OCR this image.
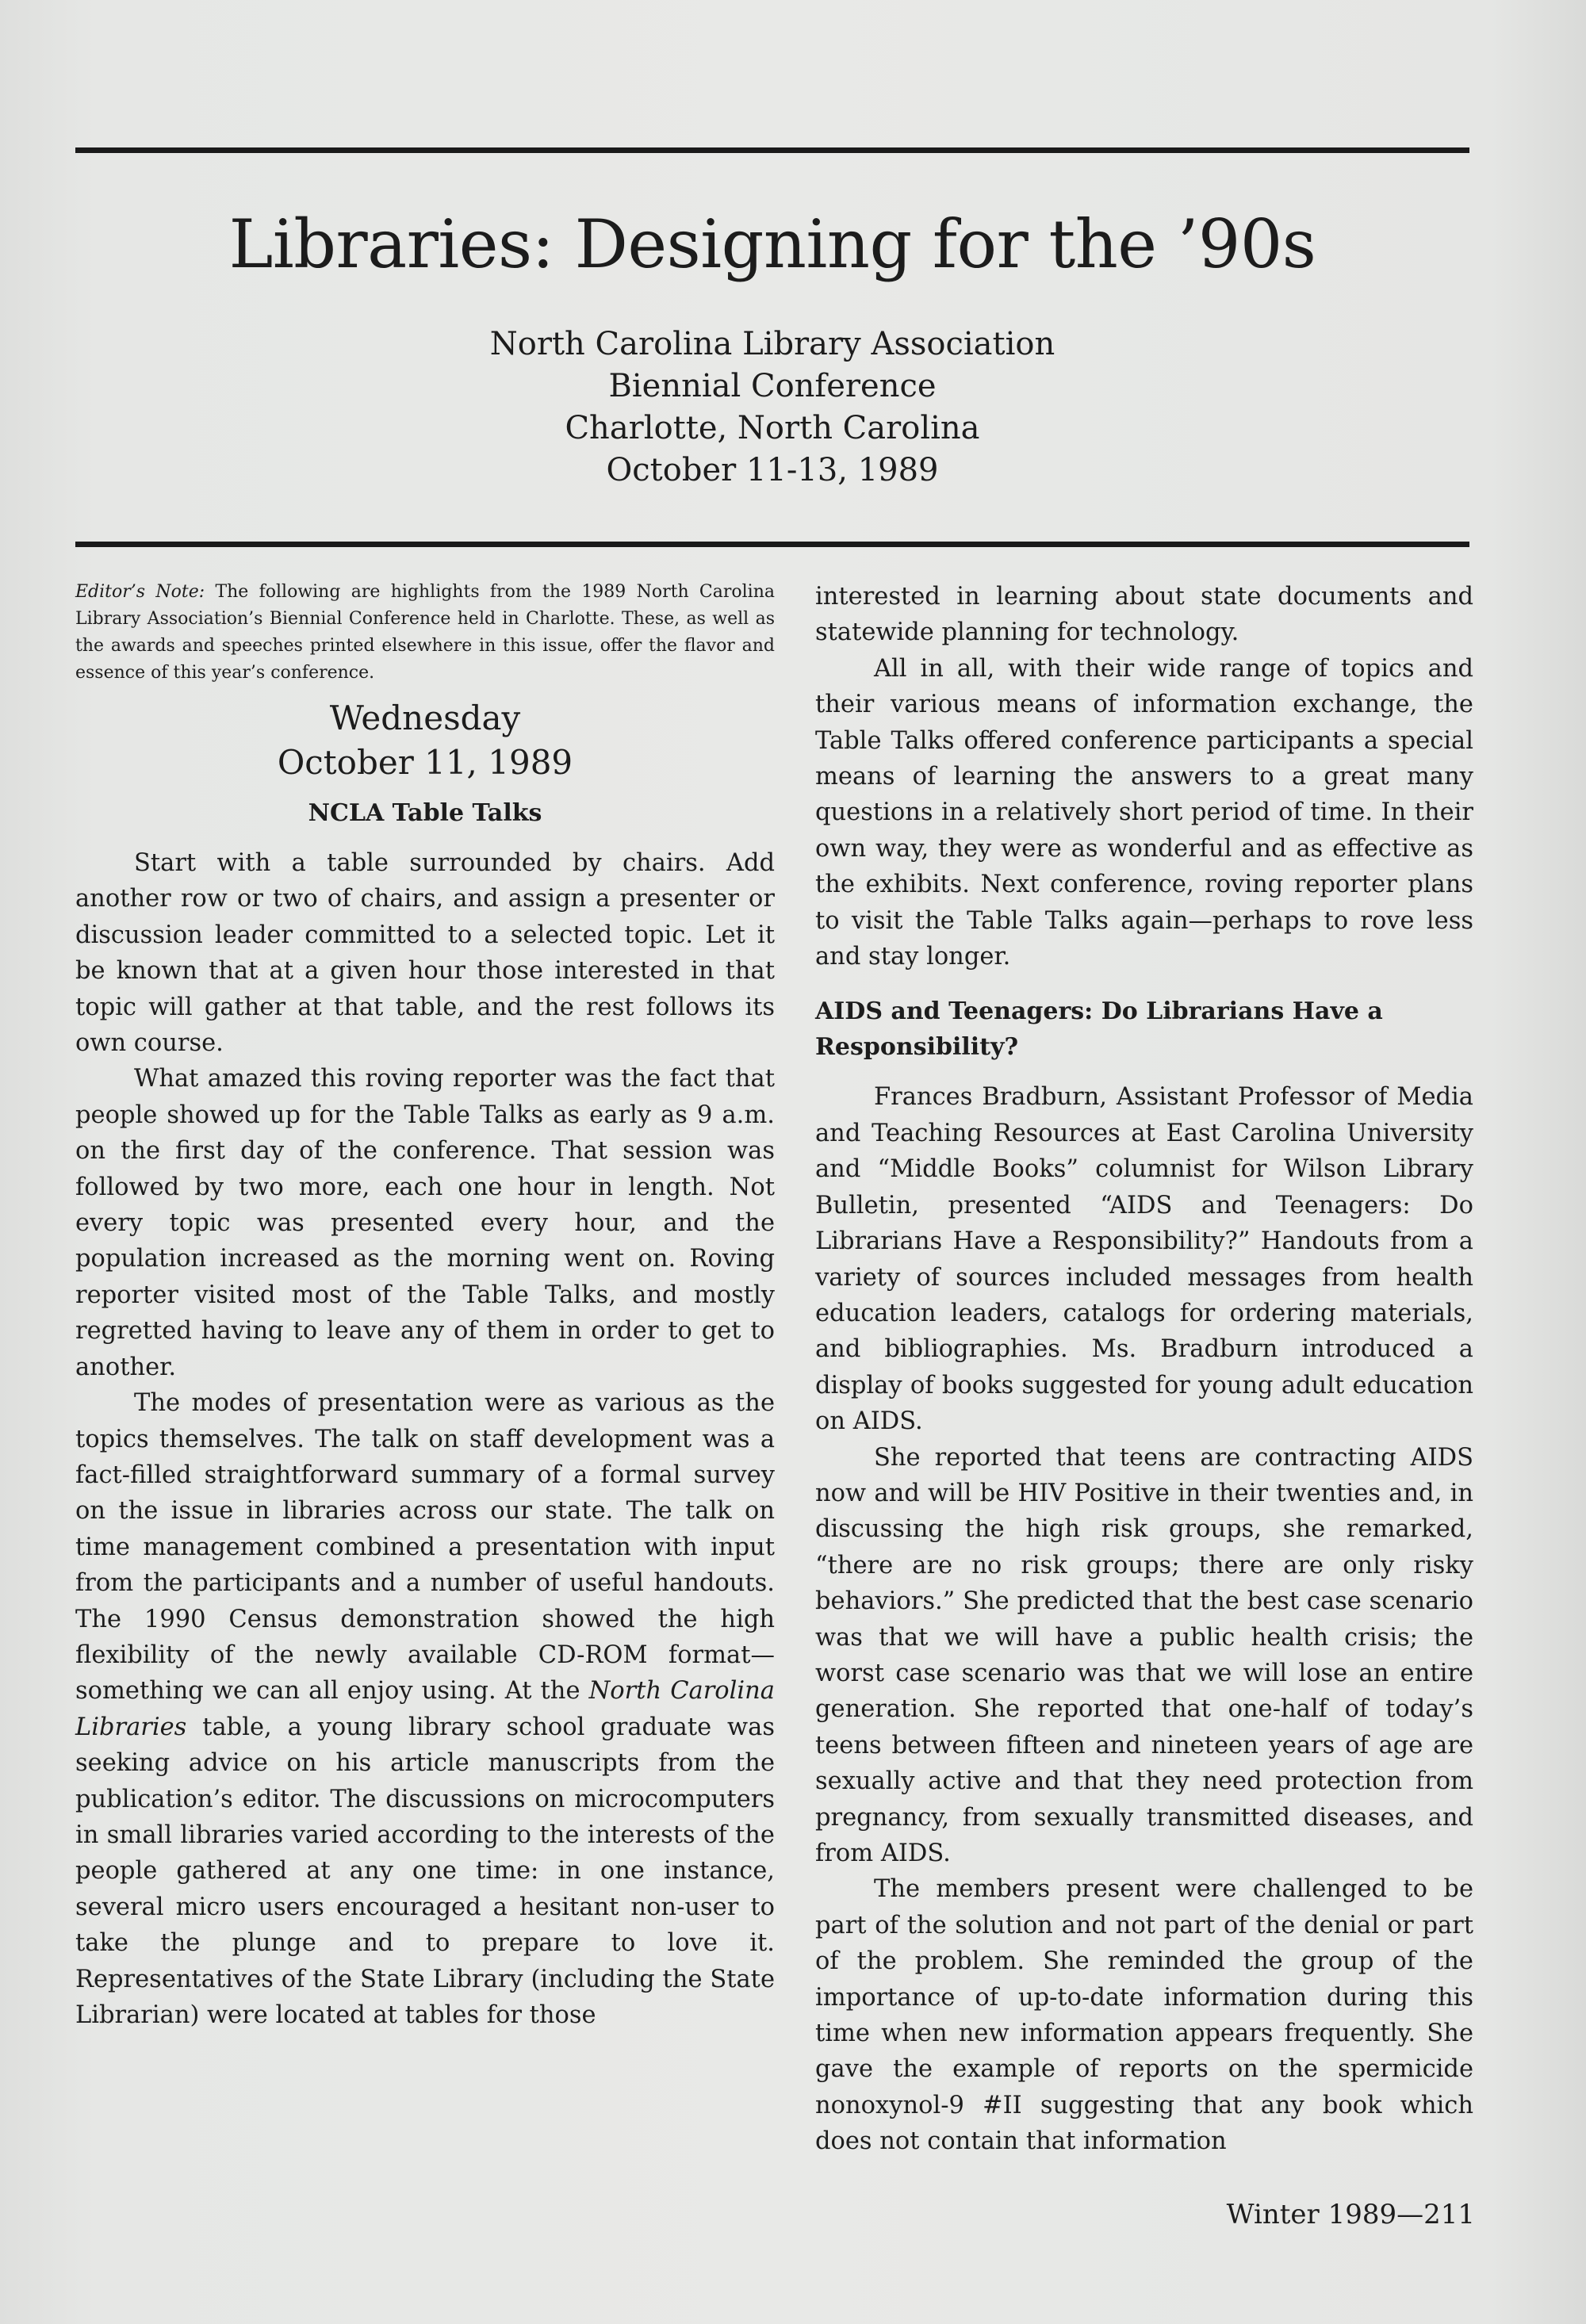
Libraries: Designing for the ’90s
North Carolina Library Association
Biennial Conference
Charlotte, North Carolina
October 11-13, 1989

Editor’s Note: The following are highlights from the 1989 North Carolina Library Association’s Biennial Conference held in Charlotte. These, as well as the awards and speeches printed elsewhere in this issue, offer the flavor and essence of this year’s conference.

Wednesday
October 11, 1989
NCLA Table Talks

Start with a table surrounded by chairs. Add another row or two of chairs, and assign a presenter or discussion leader committed to a selected topic. Let it be known that at a given hour those interested in that topic will gather at that table, and the rest follows its own course.

What amazed this roving reporter was the fact that people showed up for the Table Talks as early as 9 a.m. on the first day of the conference. That session was followed by two more, each one hour in length. Not every topic was presented every hour, and the population increased as the morning went on. Roving reporter visited most of the Table Talks, and mostly regretted having to leave any of them in order to get to another.

The modes of presentation were as various as the topics themselves. The talk on staff development was a fact-filled straightforward summary of a formal survey on the issue in libraries across our state. The talk on time management combined a presentation with input from the participants and a number of useful handouts. The 1990 Census demonstration showed the high flexibility of the newly available CD-ROM format—something we can all enjoy using. At the North Carolina Libraries table, a young library school graduate was seeking advice on his article manuscripts from the publication’s editor. The discussions on microcomputers in small libraries varied according to the interests of the people gathered at any one time: in one instance, several micro users encouraged a hesitant non-user to take the plunge and to prepare to love it. Representatives of the State Library (including the State Librarian) were located at tables for those

interested in learning about state documents and statewide planning for technology.

All in all, with their wide range of topics and their various means of information exchange, the Table Talks offered conference participants a special means of learning the answers to a great many questions in a relatively short period of time. In their own way, they were as wonderful and as effective as the exhibits. Next conference, roving reporter plans to visit the Table Talks again—perhaps to rove less and stay longer.

AIDS and Teenagers: Do Librarians Have a Responsibility?

Frances Bradburn, Assistant Professor of Media and Teaching Resources at East Carolina University and “Middle Books” columnist for Wilson Library Bulletin, presented “AIDS and Teenagers: Do Librarians Have a Responsibility?” Handouts from a variety of sources included messages from health education leaders, catalogs for ordering materials, and bibliographies. Ms. Bradburn introduced a display of books suggested for young adult education on AIDS.

She reported that teens are contracting AIDS now and will be HIV Positive in their twenties and, in discussing the high risk groups, she remarked, “there are no risk groups; there are only risky behaviors.” She predicted that the best case scenario was that we will have a public health crisis; the worst case scenario was that we will lose an entire generation. She reported that one-half of today’s teens between fifteen and nineteen years of age are sexually active and that they need protection from pregnancy, from sexually transmitted diseases, and from AIDS.

The members present were challenged to be part of the solution and not part of the denial or part of the problem. She reminded the group of the importance of up-to-date information during this time when new information appears frequently. She gave the example of reports on the spermicide nonoxynol-9 #II suggesting that any book which does not contain that information

Winter 1989—211
